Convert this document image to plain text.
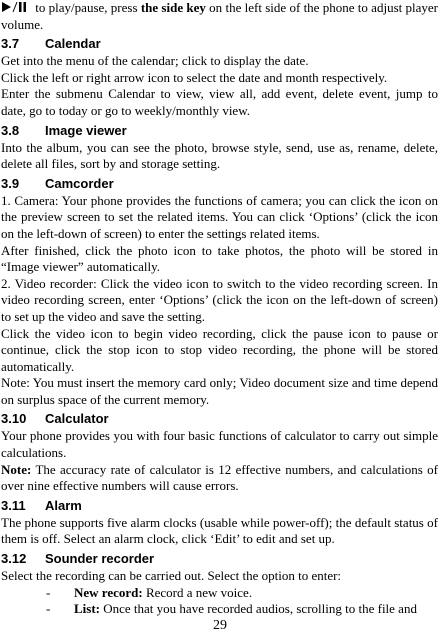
to play/pause, press the side key on the left side of the phone to adjust player volume.

3.7 Calendar

Get into the menu of the calendar; click to display the date.

Click the left or right arrow icon to select the date and month respectively.

Enter the submenu Calendar to view, view all, add event, delete event, jump to date, go to today or go to weekly/monthly view.

3.8 Image viewer

Into the album, you can see the photo, browse style, send, use as, rename, delete, delete all files, sort by and storage setting.

3.9 Camcorder

1. Camera: Your phone provides the functions of camera; you can click the icon on the preview screen to set the related items. You can click ‘Options’ (click the icon on the left-down of screen) to enter the settings related items.

After finished, click the photo icon to take photos, the photo will be stored in “Image viewer” automatically.

2. Video recorder: Click the video icon to switch to the video recording screen. In video recording screen, enter ‘Options’ (click the icon on the left-down of screen) to set up the video and save the setting.

Click the video icon to begin video recording, click the pause icon to pause or continue, click the stop icon to stop video recording, the phone will be stored automatically.

Note: You must insert the memory card only; Video document size and time depend on surplus space of the current memory.

3.10 Calculator

Your phone provides you with four basic functions of calculator to carry out simple calculations.

Note: The accuracy rate of calculator is 12 effective numbers, and calculations of over nine effective numbers will cause errors.

3.11 Alarm

The phone supports five alarm clocks (usable while power-off); the default status of them is off. Select an alarm clock, click ‘Edit’ to edit and set up.

3.12 Sounder recorder

Select the recording can be carried out. Select the option to enter:

- New record: Record a new voice.

- List: Once that you have recorded audios, scrolling to the file and

29
